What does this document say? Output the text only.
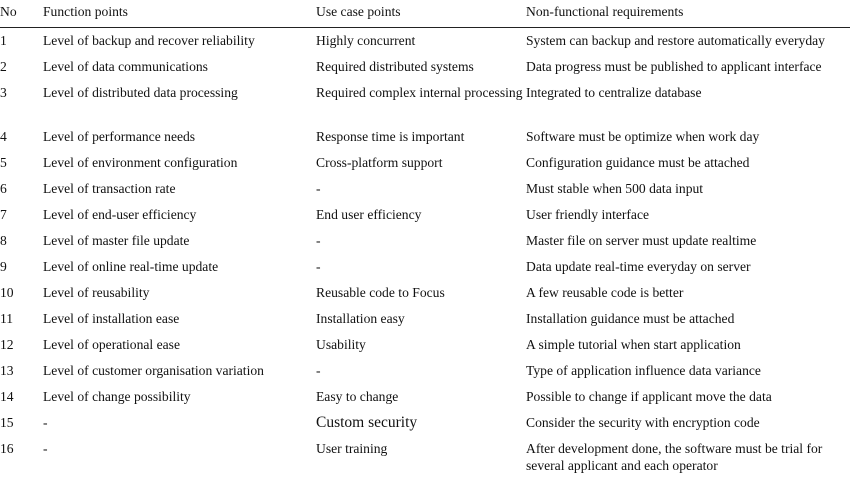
No	Function points	Use case points	Non-functional requirements
1	Level of backup and recover reliability	Highly concurrent	System can backup and restore automatically everyday
2	Level of data communications	Required distributed systems	Data progress must be published to applicant interface
3	Level of distributed data processing	Required complex internal processing	Integrated to centralize database
4	Level of performance needs	Response time is important	Software must be optimize when work day
5	Level of environment configuration	Cross-platform support	Configuration guidance must be attached
6	Level of transaction rate	-	Must stable when 500 data input
7	Level of end-user efficiency	End user efficiency	User friendly interface
8	Level of master file update	-	Master file on server must update realtime
9	Level of online real-time update	-	Data update real-time everyday on server
10	Level of reusability	Reusable code to Focus	A few reusable code is better
11	Level of installation ease	Installation easy	Installation guidance must be attached
12	Level of operational ease	Usability	A simple tutorial when start application
13	Level of customer organisation variation	-	Type of application influence data variance
14	Level of change possibility	Easy to change	Possible to change if applicant move the data
15	-	Custom security	Consider the security with encryption code
16	-	User training	After development done, the software must be trial for several applicant and each operator
